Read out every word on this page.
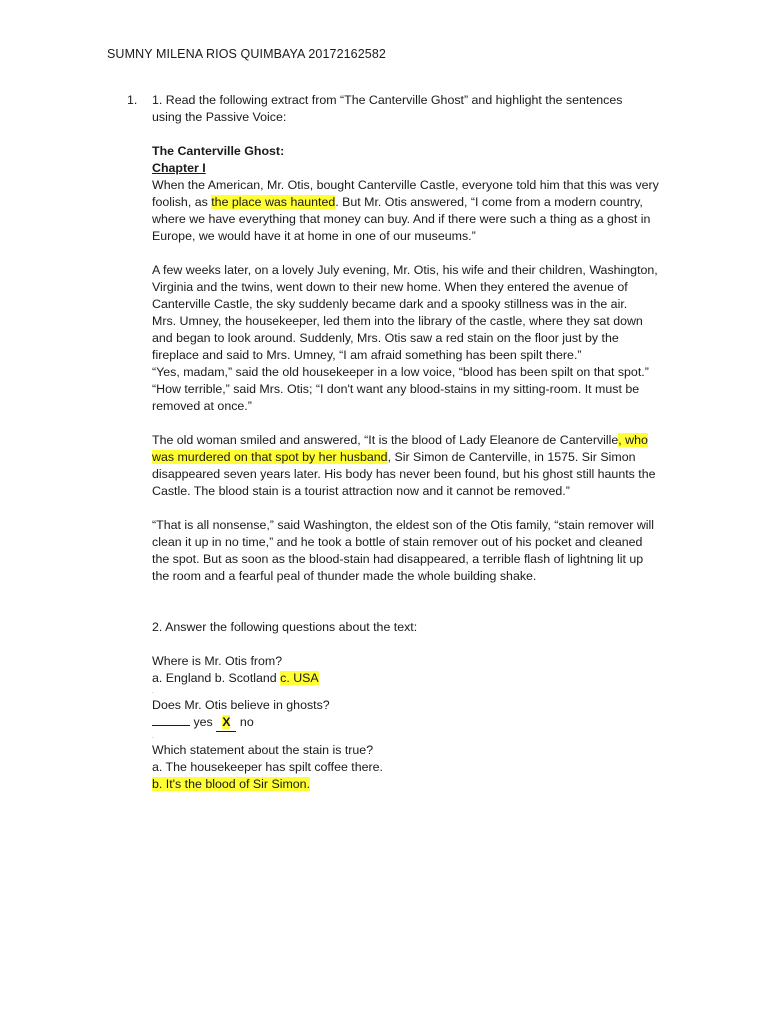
SUMNY MILENA RIOS QUIMBAYA 20172162582
1. 1. Read the following extract from “The Canterville Ghost” and highlight the sentences

using the Passive Voice:

The Canterville Ghost:

Chapter I

When the American, Mr. Otis, bought Canterville Castle, everyone told him that this was very

foolish, as the place was haunted. But Mr. Otis answered, “I come from a modern country,

where we have everything that money can buy. And if there were such a thing as a ghost in

Europe, we would have it at home in one of our museums.”

A few weeks later, on a lovely July evening, Mr. Otis, his wife and their children, Washington,

Virginia and the twins, went down to their new home. When they entered the avenue of

Canterville Castle, the sky suddenly became dark and a spooky stillness was in the air.

Mrs. Umney, the housekeeper, led them into the library of the castle, where they sat down

and began to look around. Suddenly, Mrs. Otis saw a red stain on the floor just by the

fireplace and said to Mrs. Umney, “I am afraid something has been spilt there.”

“Yes, madam,” said the old housekeeper in a low voice, “blood has been spilt on that spot.”

“How terrible,” said Mrs. Otis; “I don't want any blood-stains in my sitting-room. It must be

removed at once.”

The old woman smiled and answered, “It is the blood of Lady Eleanore de Canterville, who

was murdered on that spot by her husband, Sir Simon de Canterville, in 1575. Sir Simon

disappeared seven years later. His body has never been found, but his ghost still haunts the

Castle. The blood stain is a tourist attraction now and it cannot be removed.”

“That is all nonsense,” said Washington, the eldest son of the Otis family, “stain remover will

clean it up in no time,” and he took a bottle of stain remover out of his pocket and cleaned

the spot. But as soon as the blood-stain had disappeared, a terrible flash of lightning lit up

the room and a fearful peal of thunder made the whole building shake.

2. Answer the following questions about the text:

Where is Mr. Otis from?

a. England b. Scotland c. USA

.

Does Mr. Otis believe in ghosts?

yes X no

.

Which statement about the stain is true?

a. The housekeeper has spilt coffee there.

b. It's the blood of Sir Simon.
